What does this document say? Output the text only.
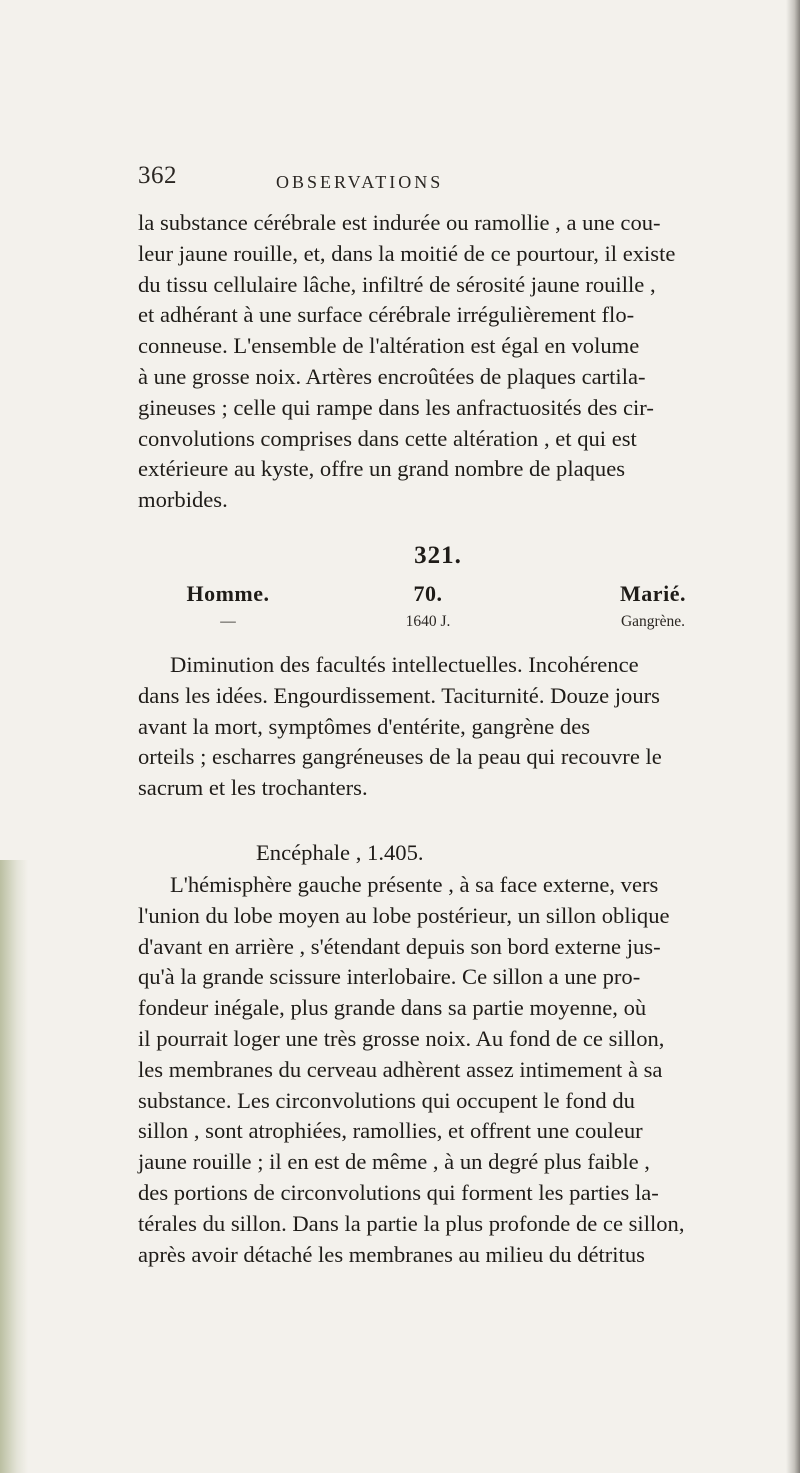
362	OBSERVATIONS

la substance cérébrale est indurée ou ramollie , a une cou-

leur jaune rouille, et, dans la moitié de ce pourtour, il existe

du tissu cellulaire lâche, infiltré de sérosité jaune rouille ,

et adhérant à une surface cérébrale irrégulièrement flo-

conneuse. L'ensemble de l'altération est égal en volume

à une grosse noix. Artères encroûtées de plaques cartila-

gineuses ; celle qui rampe dans les anfractuosités des cir-

convolutions comprises dans cette altération , et qui est

extérieure au kyste, offre un grand nombre de plaques

morbides.

321.
Homme.
—
70.
1640 J.
Marié.
Gangrène.

Diminution des facultés intellectuelles. Incohérence

dans les idées. Engourdissement. Taciturnité. Douze jours

avant la mort, symptômes d'entérite, gangrène des

orteils ; escharres gangréneuses de la peau qui recouvre le

sacrum et les trochanters.

Encéphale , 1.405.

L'hémisphère gauche présente , à sa face externe, vers

l'union du lobe moyen au lobe postérieur, un sillon oblique

d'avant en arrière , s'étendant depuis son bord externe jus-

qu'à la grande scissure interlobaire. Ce sillon a une pro-

fondeur inégale, plus grande dans sa partie moyenne, où

il pourrait loger une très grosse noix. Au fond de ce sillon,

les membranes du cerveau adhèrent assez intimement à sa

substance. Les circonvolutions qui occupent le fond du

sillon , sont atrophiées, ramollies, et offrent une couleur

jaune rouille ; il en est de même , à un degré plus faible ,

des portions de circonvolutions qui forment les parties la-

térales du sillon. Dans la partie la plus profonde de ce sillon,

après avoir détaché les membranes au milieu du détritus
